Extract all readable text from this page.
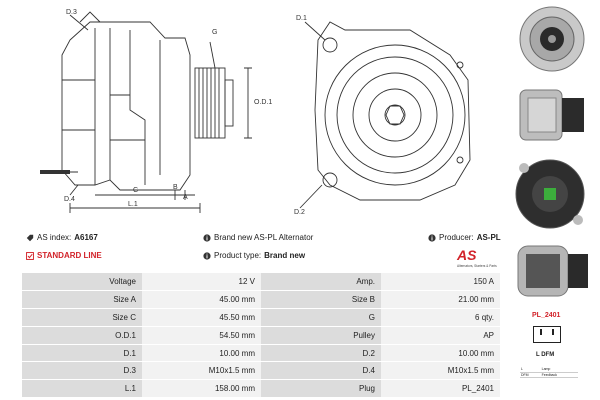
D.3
D.4
C	B
A
L.1
G
O.D.1
D.1
D.2
AS index: A6167	Brand new AS-PL Alternator	Producer: AS-PL
STANDARD LINE	Product type: Brand new	AS
Alternators, Starters & Parts
Voltage	12 V	Amp.	150 A
Size A	45.00 mm	Size B	21.00 mm
Size C	45.50 mm	G	6 qty.
O.D.1	54.50 mm	Pulley	AP
D.1	10.00 mm	D.2	10.00 mm
D.3	M10x1.5 mm	D.4	M10x1.5 mm
L.1	158.00 mm	Plug	PL_2401
PL_2401
L DFM
L	Lamp
DFM	Feedback
